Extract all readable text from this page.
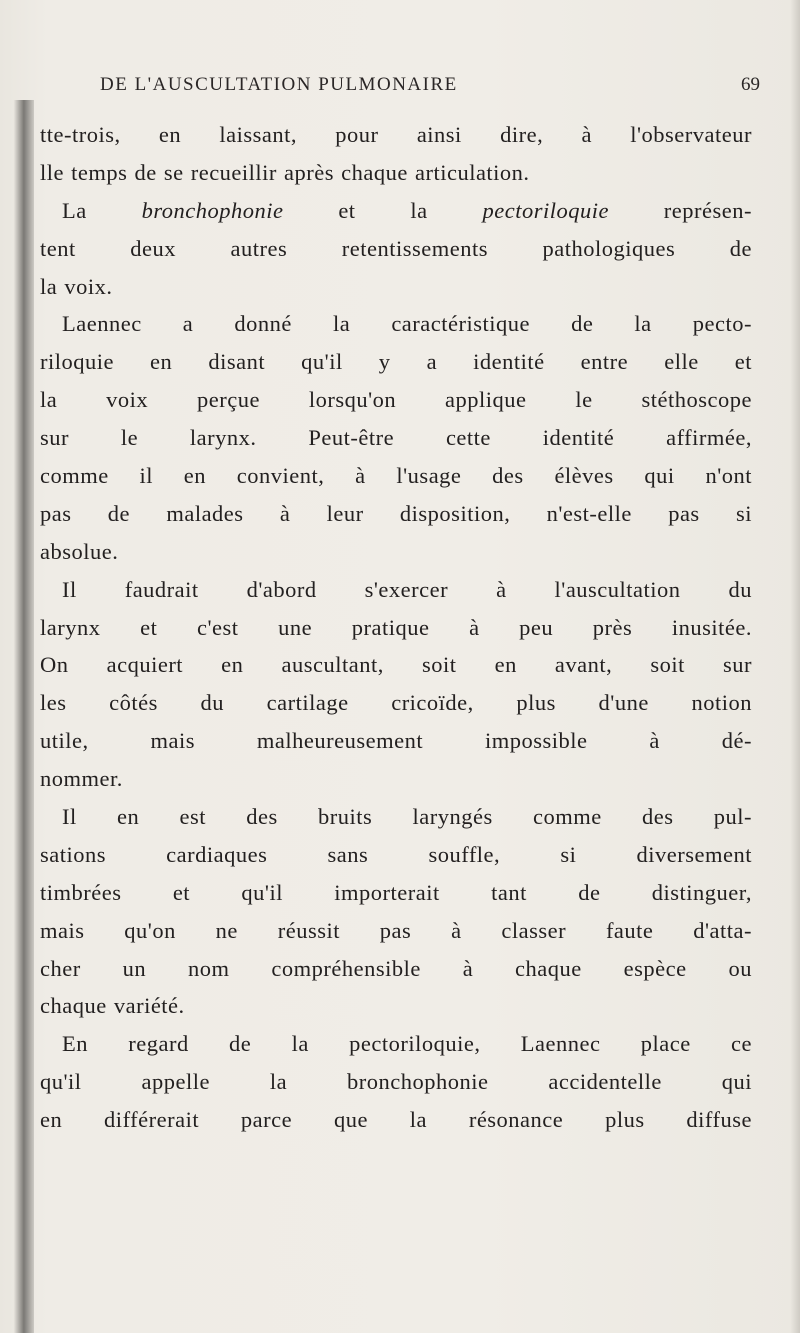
DE L'AUSCULTATION PULMONAIRE	69
tte-trois, en laissant, pour ainsi dire, à l'observateur
lle temps de se recueillir après chaque articulation.
La bronchophonie et la pectoriloquie représen-
tent deux autres retentissements pathologiques de
la voix.
Laennec a donné la caractéristique de la pecto-
riloquie en disant qu'il y a identité entre elle et
la voix perçue lorsqu'on applique le stéthoscope
sur le larynx. Peut-être cette identité affirmée,
comme il en convient, à l'usage des élèves qui n'ont
pas de malades à leur disposition, n'est-elle pas si
absolue.
Il faudrait d'abord s'exercer à l'auscultation du
larynx et c'est une pratique à peu près inusitée.
On acquiert en auscultant, soit en avant, soit sur
les côtés du cartilage cricoïde, plus d'une notion
utile, mais malheureusement impossible à dé-
nommer.
Il en est des bruits laryngés comme des pul-
sations cardiaques sans souffle, si diversement
timbrées et qu'il importerait tant de distinguer,
mais qu'on ne réussit pas à classer faute d'atta-
cher un nom compréhensible à chaque espèce ou
chaque variété.
En regard de la pectoriloquie, Laennec place ce
qu'il appelle la bronchophonie accidentelle qui
en différerait parce que la résonance plus diffuse
